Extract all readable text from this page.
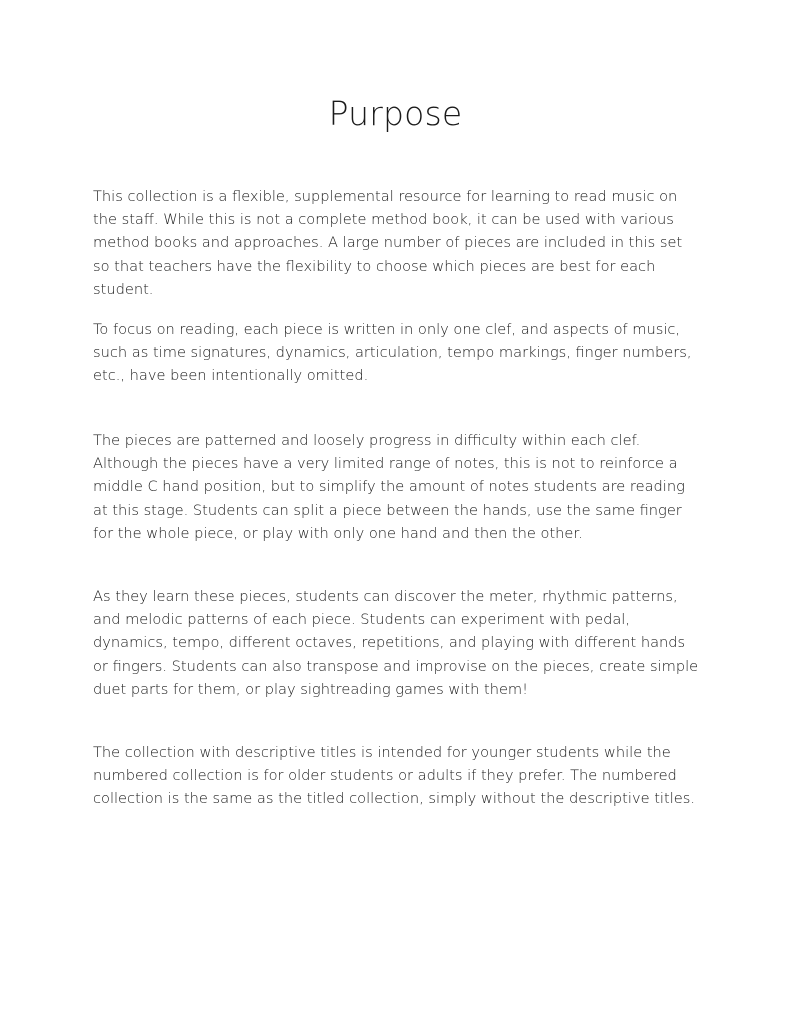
Purpose

This collection is a flexible, supplemental resource for learning to read music on the staff. While this is not a complete method book, it can be used with various method books and approaches. A large number of pieces are included in this set so that teachers have the flexibility to choose which pieces are best for each student.

To focus on reading, each piece is written in only one clef, and aspects of music, such as time signatures, dynamics, articulation, tempo markings, finger numbers, etc., have been intentionally omitted.

The pieces are patterned and loosely progress in difficulty within each clef. Although the pieces have a very limited range of notes, this is not to reinforce a middle C hand position, but to simplify the amount of notes students are reading at this stage. Students can split a piece between the hands, use the same finger for the whole piece, or play with only one hand and then the other.

As they learn these pieces, students can discover the meter, rhythmic patterns, and melodic patterns of each piece. Students can experiment with pedal, dynamics, tempo, different octaves, repetitions, and playing with different hands or fingers. Students can also transpose and improvise on the pieces, create simple duet parts for them, or play sightreading games with them!

The collection with descriptive titles is intended for younger students while the numbered collection is for older students or adults if they prefer. The numbered collection is the same as the titled collection, simply without the descriptive titles.
